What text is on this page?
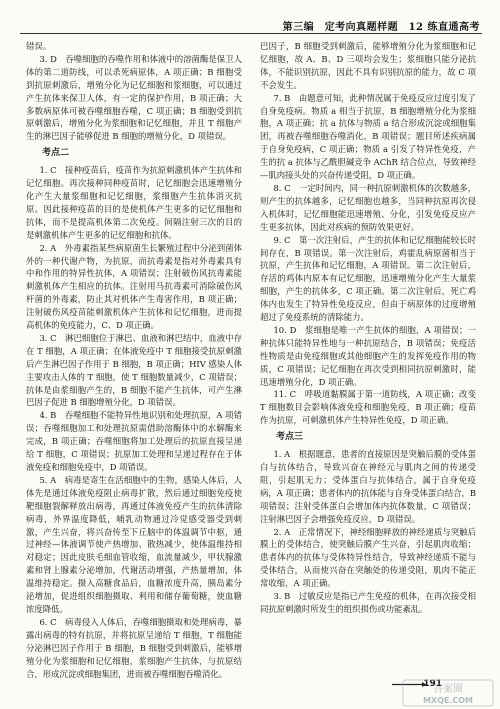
第三编　定考向真题样题　12 练直通高考

错误。

3. D　吞噬细胞的吞噬作用和体液中的溶菌酶是保卫人体的第二道防线，可以杀死病原体，A 项正确；B 细胞受到抗原刺激后，增殖分化为记忆细胞和浆细胞，可以通过产生抗体来保卫人体，有一定的保护作用，B 项正确；大多数病原体可被吞噬细胞吞噬，C 项正确；B 细胞受到抗原刺激后，增殖分化为浆细胞和记忆细胞，并且 T 细胞产生的淋巴因子能够促进 B 细胞的增殖分化，D 项错误。

考点二

1. C　接种疫苗后，疫苗作为抗原刺激机体产生抗体和记忆细胞。再次接种同种疫苗时，记忆细胞会迅速增殖分化产生大量浆细胞和记忆细胞，浆细胞产生抗体消灭抗原。因此接种疫苗的目的是使机体产生更多的记忆细胞和抗体，而不是提高机体第二次免疫。间隔注射三次的目的是刺激机体产生更多的记忆细胞和抗体。

2. A　外毒素指某些病原菌生长繁殖过程中分泌到菌体外的一种代谢产物，为抗原，而抗毒素是指对外毒素具有中和作用的特异性抗体，A 项错误；注射破伤风抗毒素能刺激机体产生相应的抗体。注射用马抗毒素可消除破伤风杆菌的外毒素，防止其对机体产生毒害作用，B 项正确；注射破伤风疫苗能刺激机体产生抗体和记忆细胞，进而提高机体的免疫能力，C、D 项正确。

3. C　淋巴细胞位于淋巴、血液和淋巴结中，血液中存在 T 细胞，A 项正确；在体液免疫中 T 细胞接受抗原刺激后产生淋巴因子作用于 B 细胞，B 项正确；HIV 感染人体主要攻击人体的 T 细胞，使 T 细胞数量减少，C 项错误；抗体是由浆细胞产生的，B 细胞不能产生抗体，可产生淋巴因子促进 B 细胞增殖分化，D 项错误。

4. B　吞噬细胞不能特异性地识别和处理抗原，A 项错误；吞噬细胞加工和处理抗原需借助溶酶体中的水解酶来完成，B 项正确；吞噬细胞将加工处理后的抗原直接呈递给 T 细胞，C 项错误；抗原加工处理和呈递过程存在于体液免疫和细胞免疫中，D 项错误。

5. A　病毒是寄生在活细胞中的生物，感染人体后，人体先是通过体液免疫阻止病毒扩散，然后通过细胞免疫使靶细胞裂解释放出病毒，再通过体液免疫产生的抗体清除病毒，外界温度降低，哺乳动物通过冷觉感受器受到刺激，产生兴奋，将兴奋传至下丘脑中的体温调节中枢，通过神经—体液调节使产热增加、散热减少，使体温维持相对稳定；因此皮肤毛细血管收缩，血流量减少，甲状腺激素和肾上腺素分泌增加，代谢活动增强，产热量增加，体温维持稳定。摄入高糖食品后，血糖浓度升高，胰岛素分泌增加，促进组织细胞摄取、利用和储存葡萄糖，使血糖浓度降低。

6. C　病毒侵入人体后，吞噬细胞摄取和处理病毒，暴露出病毒的特有抗原，并将抗原呈递给 T 细胞，T 细胞能分泌淋巴因子作用于 B 细胞，B 细胞受到刺激后，能够增殖分化为浆细胞和记忆细胞，浆细胞产生抗体，与抗原结合，形成沉淀或细胞集团，进而被吞噬细胞吞噬消化。

巴因子，B 细胞受到刺激后，能够增殖分化为浆细胞和记忆细胞，故 A、B、D 三项均会发生；浆细胞只能分泌抗体，不能识别抗原，因此不具有识别抗原的能力，故 C 项不会发生。

7. B　由题意可知，此种情况属于免疫反应过度引发了自身免疫病。物质 a 相当于抗原，B 细胞增殖分化为浆细胞，A 项正确；抗 a 抗体与物质 a 结合形成沉淀或细胞集团，再被吞噬细胞吞噬消化，B 项错误；题目所述疾病属于自身免疫病，C 项正确；物质 a 引发了特异性免疫，产生的抗 a 抗体与乙酰胆碱竞争 AChR 结合位点，导致神经—肌肉接头处的兴奋传递受阻，D 项正确。

8. C　一定时间内，同一种抗原刺激机体的次数越多，则产生的抗体越多，记忆细胞也越多，当同种抗原再次侵入机体时，记忆细胞能迅速增殖、分化，引发免疫反应产生更多抗体，因此对疾病的预防效果更好。

9. C　第一次注射后，产生的抗体和记忆细胞能较长时间存在，B 项错误。第一次注射后，鸡霍乱病原菌相当于抗原，产生抗体和记忆细胞，A 项错误。第二次注射后，存活的鸡体内原本有记忆细胞，迅速增殖分化产生大量浆细胞，产生的抗体多，C 项正确。第二次注射后，死亡鸡体内也发生了特异性免疫反应，但由于病原体的过度增殖超过了免疫系统的清除能力。

10. D　浆细胞是唯一产生抗体的细胞，A 项错误；一种抗体只能特异性地与一种抗原结合，B 项错误；免疫活性物质是由免疫细胞或其他细胞产生的发挥免疫作用的物质，C 项错误；记忆细胞在再次受到相同抗原刺激时，能迅速增殖分化，D 项正确。

11. C　呼吸道黏膜属于第一道防线，A 项正确；改变 T 细胞数目会影响体液免疫和细胞免疫，B 项正确；疫苗作为抗原，可刺激机体产生特异性免疫，D 项正确。

考点三

1. A　根据题意，患者的直接原因是突触后膜的受体蛋白与抗体结合，导致兴奋在神经元与肌肉之间的传递受阻，引起肌无力；受体蛋白与抗体结合，属于自身免疫病，A 项正确；患者体内的抗体能与自身受体蛋白结合，B 项错误；注射受体蛋白会增加体内抗体数量，C 项错误；注射淋巴因子会增强免疫反应，D 项错误。

2. A　正常情况下，神经细胞释放的神经递质与突触后膜上的受体结合，使突触后膜产生兴奋，引起肌肉收缩；患者体内的抗体与受体特异性结合，导致神经递质不能与受体结合，从而使兴奋在突触处的传递受阻，肌肉不能正常收缩，A 项正确。

3. B　过敏反应是指已产生免疫的机体，在再次接受相同抗原刺激时所发生的组织损伤或功能紊乱。

191
答案圈
MXQE.COM
